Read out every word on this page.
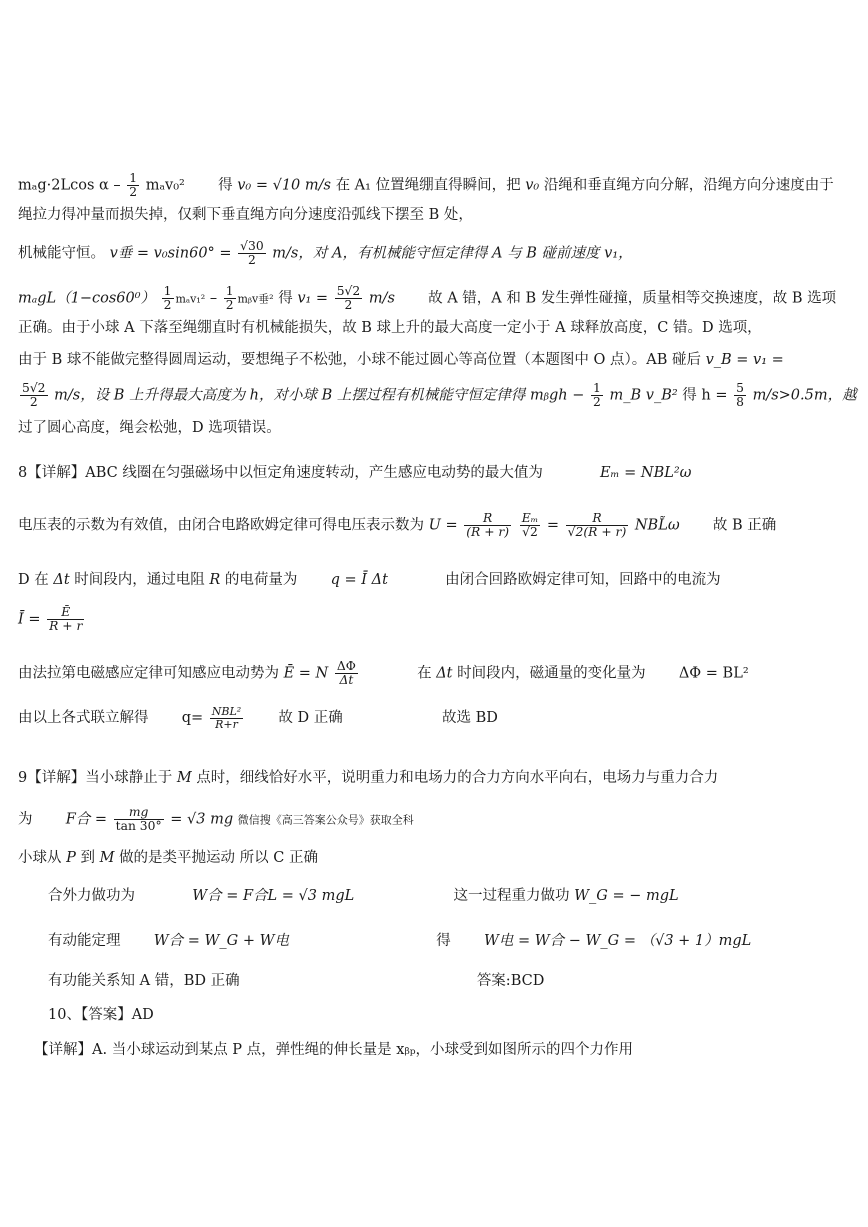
mₐg·2Lcos α – $\frac{1}{2} m_av_0^2$ 得 v₀ = √10 m/s 在 A₁ 位置绳绷直得瞬间，把 v₀ 沿绳和垂直绳方向分解，沿绳方向分速度由于
绳拉力得冲量而损失掉，仅剩下垂直绳方向分速度沿弧线下摆至 B 处，
机械能守恒。 v垂 = $v_0\sin 60^\circ = \frac{√30}{2} m/s$，对 A，有机械能守恒定律得 A 与 B 碰前速度 v₁，
$m_agL(1-\cos 60^0) \frac{1}{2} m_av_1^2 - \frac{1}{2}$ mᵦv垂² 得 $v_1 = \frac{5√2}{2} m/s$ 故 A 错，A 和 B 发生弹性碰撞，质量相等交换速度，故 B 选项
正确。由于小球 A 下落至绳绷直时有机械能损失，故 B 球上升的最大高度一定小于 A 球释放高度，C 错。D 选项，
由于 B 球不能做完整得圆周运动，要想绳子不松弛，小球不能过圆心等高位置（本题图中 O 点）。AB 碰后 v_B = v₁ =
$\frac{5√2}{2} m/s$，设 B 上升得最大高度为 h，对小球 B 上摆过程有机械能守恒定律得 mᵦgh − $\frac{1}{2}$ m_B v_B² 得 $h = \frac{5}{8} m/s>0.5m$，越
过了圆心高度，绳会松弛，D 选项错误。
8【详解】ABC 线圈在匀强磁场中以恒定角速度转动，产生感应电动势的最大值为	Eₘ = NBL²ω
电压表的示数为有效值，由闭合电路欧姆定律可得电压表示数为 $U = \frac{R}{(R + r)}$
$\frac{\text{Eₘ}}{√2} = \frac{R}{√2(R + r)}$ NBL̃ω 故 B 正确
D 在 Δt 时间段内，通过电阻 R 的电荷量为 q = Ī Δt	由闭合回路欧姆定律可知，回路中的电流为
Ī = $\frac{Ē}{R + r}$
由法拉第电磁感应定律可知感应电动势为 Ē = N $\frac{\Delta\Phi}{\Delta t}$	在 Δt 时间段内，磁通量的变化量为 ΔΦ = BL²
由以上各式联立解得 $q= \frac{\text{NBL²}}{R+r}$ 故 D 正确	故选 BD
9【详解】当小球静止于 M 点时，细线恰好水平，说明重力和电场力的合力方向水平向右，电场力与重力合力
为 F合 = $\frac{mg}{\tan 30^\circ} = √3$ mg 微信搜《高三答案公众号》获取全科
小球从 P 到 M 做的是类平抛运动 所以 C 正确
合外力做功为	W合 = F合L = √3 mgL	这一过程重力做功 W_G = − mgL
有动能定理 W合 = W_G + W电	得 W电 = W合 − W_G = （√3 + 1）mgL
有功能关系知 A 错，BD 正确	答案:BCD
10、【答案】AD
【详解】A. 当小球运动到某点 P 点，弹性绳的伸长量是 xᵦₚ，小球受到如图所示的四个力作用
